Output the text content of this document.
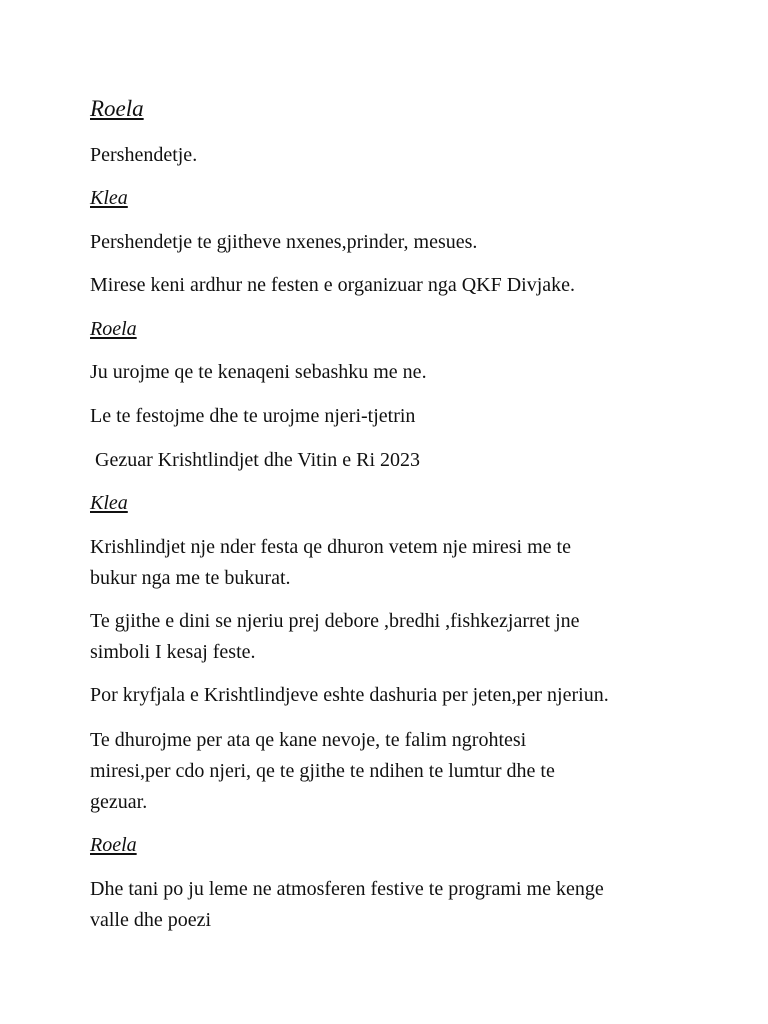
Roela
Pershendetje.
Klea
Pershendetje te gjitheve nxenes,prinder, mesues.
Mirese keni ardhur ne festen e organizuar nga QKF Divjake.
Roela
Ju urojme qe te kenaqeni sebashku me ne.
Le te festojme dhe te urojme njeri-tjetrin
Gezuar Krishtlindjet dhe Vitin e Ri 2023
Klea
Krishlindjet nje nder festa qe dhuron vetem nje miresi me te
bukur nga me te bukurat.
Te gjithe e dini se njeriu prej debore ,bredhi ,fishkezjarret jne
simboli I kesaj feste.
Por kryfjala e Krishtlindjeve eshte dashuria per jeten,per njeriun.
Te dhurojme per ata qe kane nevoje, te falim ngrohtesi
miresi,per cdo njeri, qe te gjithe te ndihen te lumtur dhe te
gezuar.
Roela
Dhe tani po ju leme ne atmosferen festive te programi me kenge
valle dhe poezi
